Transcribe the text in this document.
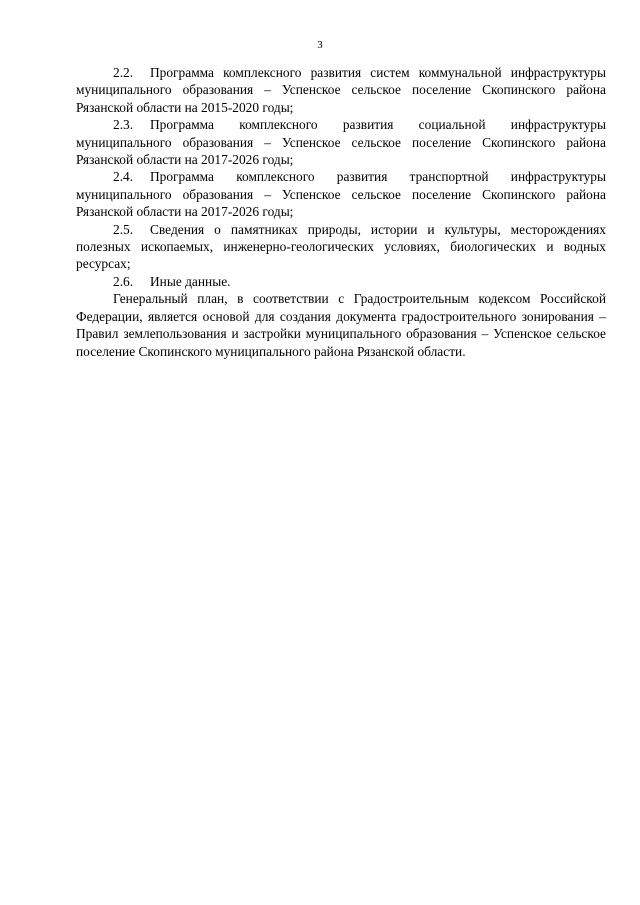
3

2.2. Программа комплексного развития систем коммунальной инфраструктуры муниципального образования – Успенское сельское поселение Скопинского района Рязанской области на 2015-2020 годы;

2.3. Программа комплексного развития социальной инфраструктуры муниципального образования – Успенское сельское поселение Скопинского района Рязанской области на 2017-2026 годы;

2.4. Программа комплексного развития транспортной инфраструктуры муниципального образования – Успенское сельское поселение Скопинского района Рязанской области на 2017-2026 годы;

2.5. Сведения о памятниках природы, истории и культуры, месторождениях полезных ископаемых, инженерно-геологических условиях, биологических и водных ресурсах;

2.6. Иные данные.

Генеральный план, в соответствии с Градостроительным кодексом Российской Федерации, является основой для создания документа градостроительного зонирования – Правил землепользования и застройки муниципального образования – Успенское сельское поселение Скопинского муниципального района Рязанской области.
